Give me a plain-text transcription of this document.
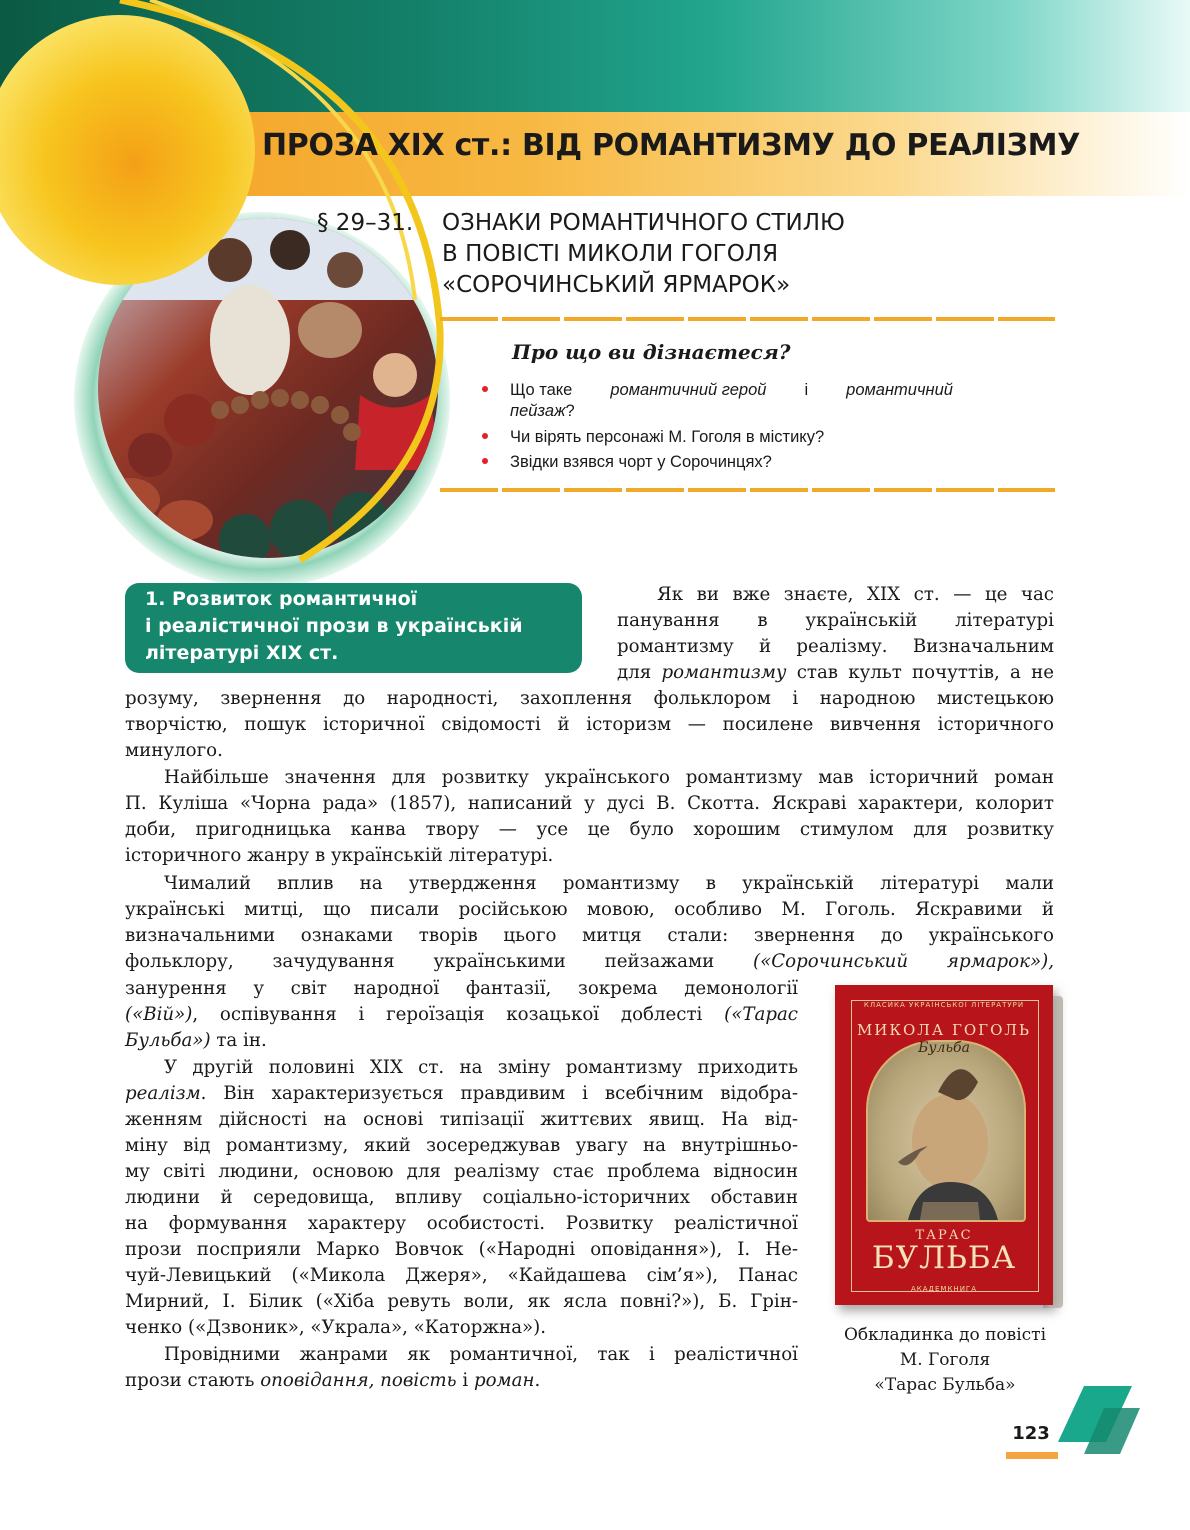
ПРОЗА XIX ст.: ВІД РОМАНТИЗМУ ДО РЕАЛІЗМУ
§ 29–31. ОЗНАКИ РОМАНТИЧНОГО СТИЛЮ
В ПОВІСТІ МИКОЛИ ГОГОЛЯ
«СОРОЧИНСЬКИЙ ЯРМАРОК»
Про що ви дізнаєтеся?
Що таке романтичний герой і романтичний
пейзаж?
Чи вірять персонажі М. Гоголя в містику?
Звідки взявся чорт у Сорочинцях?
1. Розвиток романтичної
і реалістичної прози в українській
літературі XIX ст.
Як ви вже знаєте, XIX ст. — це час
панування в українській літературі
романтизму й реалізму. Визначальним
для романтизму став культ почуттів, а не
розуму, звернення до народності, захоплення фольклором і народною мистецькою
творчістю, пошук історичної свідомості й історизм — посилене вивчення історичного
минулого.
Найбільше значення для розвитку українського романтизму мав історичний роман
П. Куліша «Чорна рада» (1857), написаний у дусі В. Скотта. Яскраві характери, колорит
доби, пригодницька канва твору — усе це було хорошим стимулом для розвитку
історичного жанру в українській літературі.
Чималий вплив на утвердження романтизму в українській літературі мали
українські митці, що писали російською мовою, особливо М. Гоголь. Яскравими й
визначальними ознаками творів цього митця стали: звернення до українського
фольклору, зачудування українськими пейзажами («Сорочинський ярмарок»),
занурення у світ народної фантазії, зокрема демонології
(«Вій»), оспівування і героїзація козацької доблесті («Тарас
Бульба») та ін.
У другій половині XIX ст. на зміну романтизму приходить
реалізм. Він характеризується правдивим і всебічним відобра-
женням дійсності на основі типізації життєвих явищ. На від-
міну від романтизму, який зосереджував увагу на внутрішньо-
му світі людини, основою для реалізму стає проблема відносин
людини й середовища, впливу соціально-історичних обставин
на формування характеру особистості. Розвитку реалістичної
прози посприяли Марко Вовчок («Народні оповідання»), І. Не-
чуй-Левицький («Микола Джеря», «Кайдашева сім’я»), Панас
Мирний, І. Білик («Хіба ревуть воли, як ясла повні?»), Б. Грін-
ченко («Дзвоник», «Украла», «Каторжна»).
Провідними жанрами як романтичної, так і реалістичної
прози стають оповідання, повість і роман.
КЛАСИКА УКРАЇНСЬКОЇ ЛІТЕРАТУРИ
МИКОЛА ГОГОЛЬ
Бульба
ТАРАС
БУЛЬБА
АКАДЕМКНИГА
Обкладинка до повісті
М. Гоголя
«Тарас Бульба»
123
